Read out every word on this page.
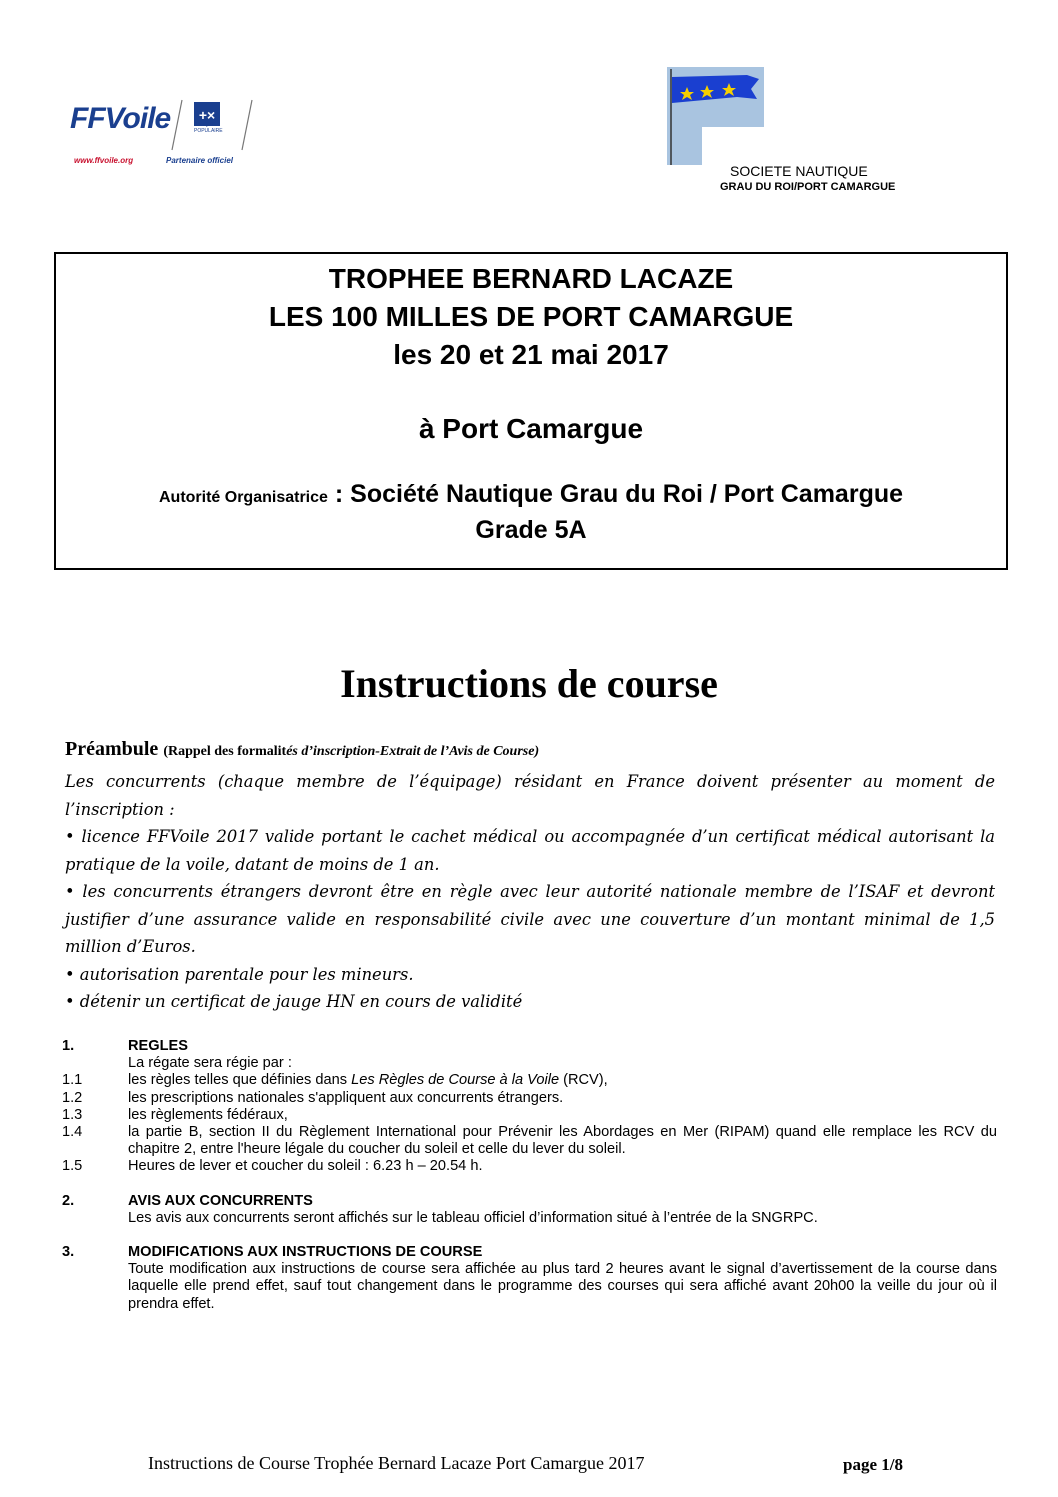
FFVoile +×
BANQUE POPULAIRE
www.ffvoile.org	Partenaire officiel
SOCIETE NAUTIQUE
GRAU DU ROI/PORT CAMARGUE
TROPHEE BERNARD LACAZE
LES 100 MILLES DE PORT CAMARGUE
les 20 et 21 mai 2017
à Port Camargue
Autorité Organisatrice : Société Nautique Grau du Roi / Port Camargue
Grade 5A
Instructions de course
Préambule (Rappel des formalités d’inscription-Extrait de l’Avis de Course)

Les concurrents (chaque membre de l’équipage) résidant en France doivent présenter au moment de l’inscription :

• licence FFVoile 2017 valide portant le cachet médical ou accompagnée d’un certificat médical autorisant la pratique de la voile, datant de moins de 1 an.

• les concurrents étrangers devront être en règle avec leur autorité nationale membre de l’ISAF et devront justifier d’une assurance valide en responsabilité civile avec une couverture d’un montant minimal de 1,5 million d’Euros.

• autorisation parentale pour les mineurs.

• détenir un certificat de jauge HN en cours de validité

1.	REGLES
La régate sera régie par :
1.1	les règles telles que définies dans Les Règles de Course à la Voile (RCV),
1.2	les prescriptions nationales s'appliquent aux concurrents étrangers.
1.3	les règlements fédéraux,
1.4	la partie B, section II du Règlement International pour Prévenir les Abordages en Mer (RIPAM) quand elle remplace les RCV du chapitre 2, entre l'heure légale du coucher du soleil et celle du lever du soleil.
1.5	Heures de lever et coucher du soleil : 6.23 h – 20.54 h.
2.	AVIS AUX CONCURRENTS
Les avis aux concurrents seront affichés sur le tableau officiel d’information situé à l’entrée de la SNGRPC.
3.	MODIFICATIONS AUX INSTRUCTIONS DE COURSE
Toute modification aux instructions de course sera affichée au plus tard 2 heures avant le signal d’avertissement de la course dans laquelle elle prend effet, sauf tout changement dans le programme des courses qui sera affiché avant 20h00 la veille du jour où il prendra effet.
Instructions de Course Trophée Bernard Lacaze Port Camargue 2017	page 1/8
